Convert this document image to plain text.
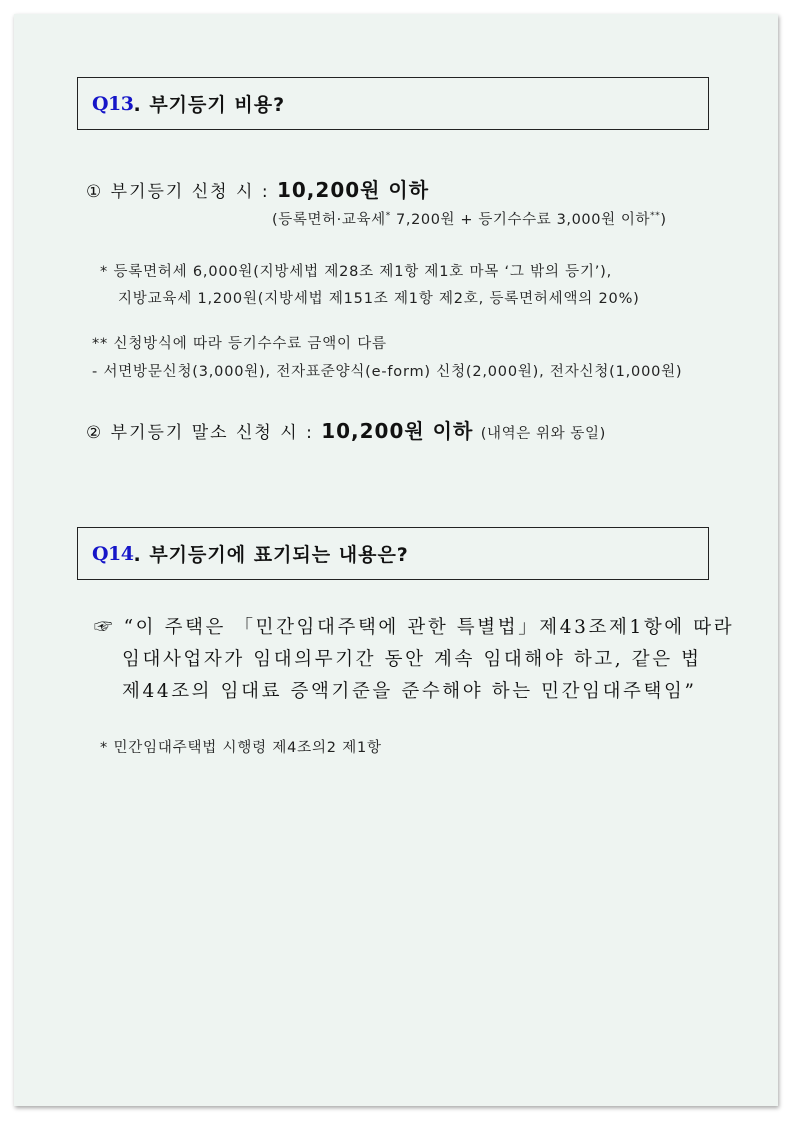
Q13 . 부기등기 비용?
① 부기등기 신청 시 : 10,200원 이하
(등록면허·교육세* 7,200원 + 등기수수료 3,000원 이하**)
* 등록면허세 6,000원(지방세법 제28조 제1항 제1호 마목 ‘그 밖의 등기’),
지방교육세 1,200원(지방세법 제151조 제1항 제2호, 등록면허세액의 20%)
** 신청방식에 따라 등기수수료 금액이 다름
- 서면방문신청(3,000원), 전자표준양식(e-form) 신청(2,000원), 전자신청(1,000원)
② 부기등기 말소 신청 시 : 10,200원 이하 (내역은 위와 동일)
Q14 . 부기등기에 표기되는 내용은?
☞ “이 주택은 「민간임대주택에 관한 특별법」제43조제1항에 따라
임대사업자가 임대의무기간 동안 계속 임대해야 하고, 같은 법
제44조의 임대료 증액기준을 준수해야 하는 민간임대주택임”
* 민간임대주택법 시행령 제4조의2 제1항
